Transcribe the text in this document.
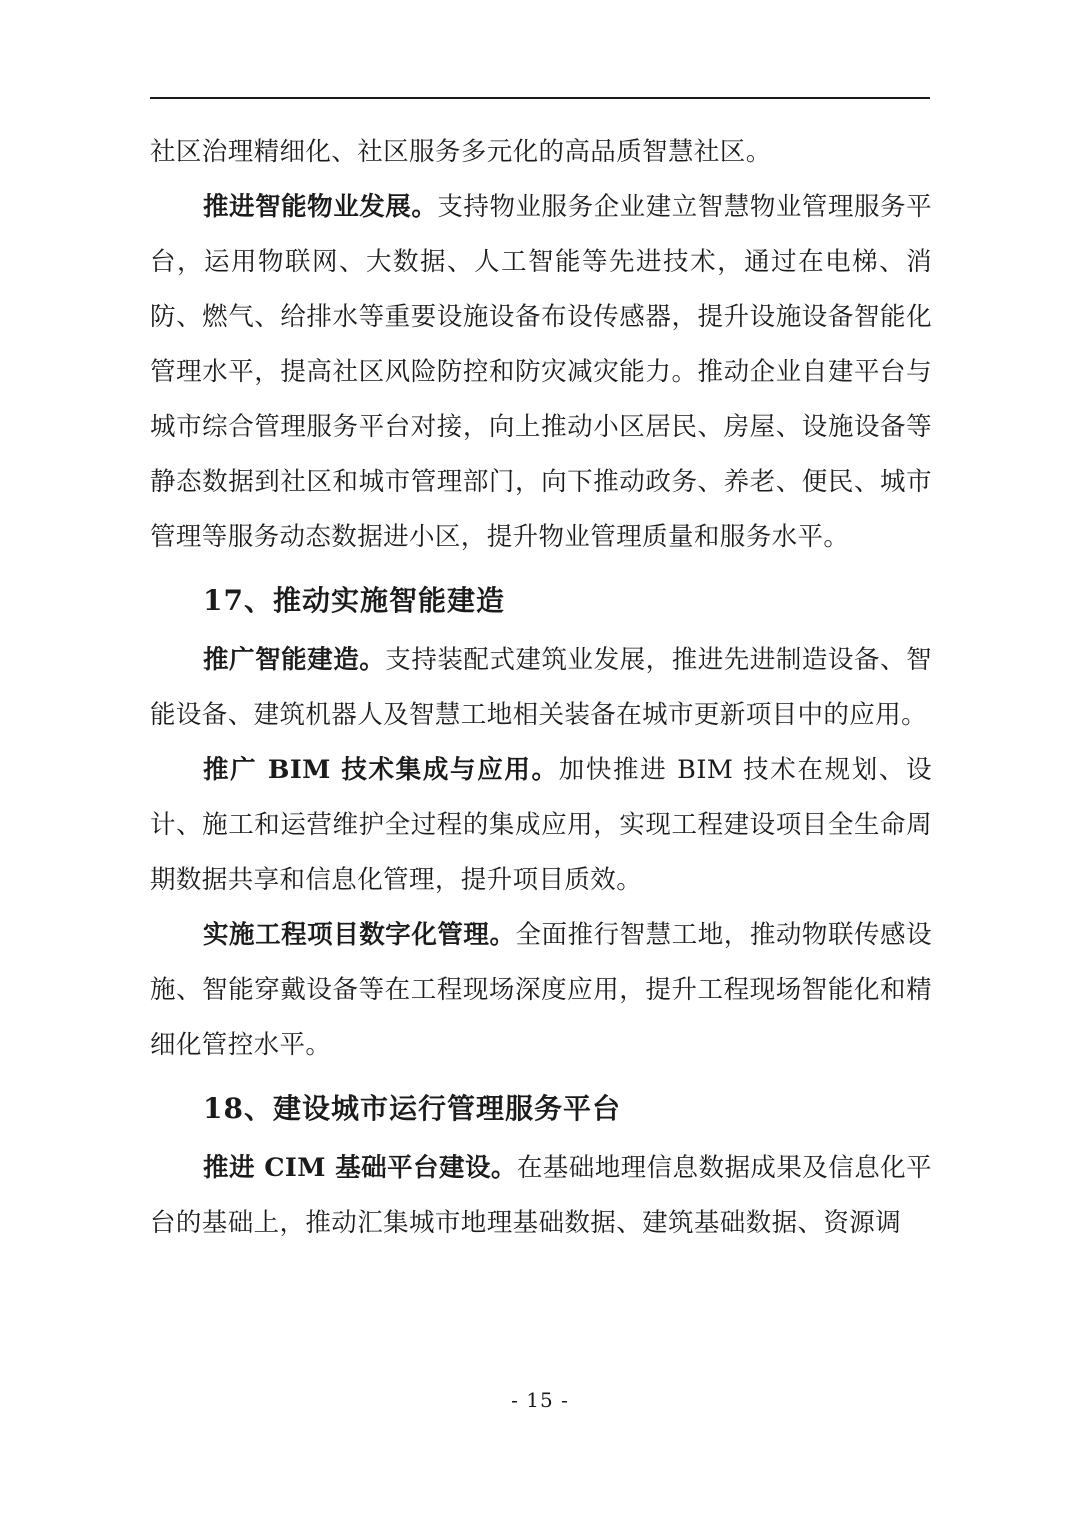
社区治理精细化、社区服务多元化的高品质智慧社区。

推进智能物业发展。支持物业服务企业建立智慧物业管理服务平台，运用物联网、大数据、人工智能等先进技术，通过在电梯、消防、燃气、给排水等重要设施设备布设传感器，提升设施设备智能化管理水平，提高社区风险防控和防灾减灾能力。推动企业自建平台与城市综合管理服务平台对接，向上推动小区居民、房屋、设施设备等静态数据到社区和城市管理部门，向下推动政务、养老、便民、城市管理等服务动态数据进小区，提升物业管理质量和服务水平。

17、推动实施智能建造

推广智能建造。支持装配式建筑业发展，推进先进制造设备、智能设备、建筑机器人及智慧工地相关装备在城市更新项目中的应用。

推广 BIM 技术集成与应用。加快推进 BIM 技术在规划、设计、施工和运营维护全过程的集成应用，实现工程建设项目全生命周期数据共享和信息化管理，提升项目质效。

实施工程项目数字化管理。全面推行智慧工地，推动物联传感设施、智能穿戴设备等在工程现场深度应用，提升工程现场智能化和精细化管控水平。

18、建设城市运行管理服务平台

推进 CIM 基础平台建设。在基础地理信息数据成果及信息化平台的基础上，推动汇集城市地理基础数据、建筑基础数据、资源调

- 15 -
